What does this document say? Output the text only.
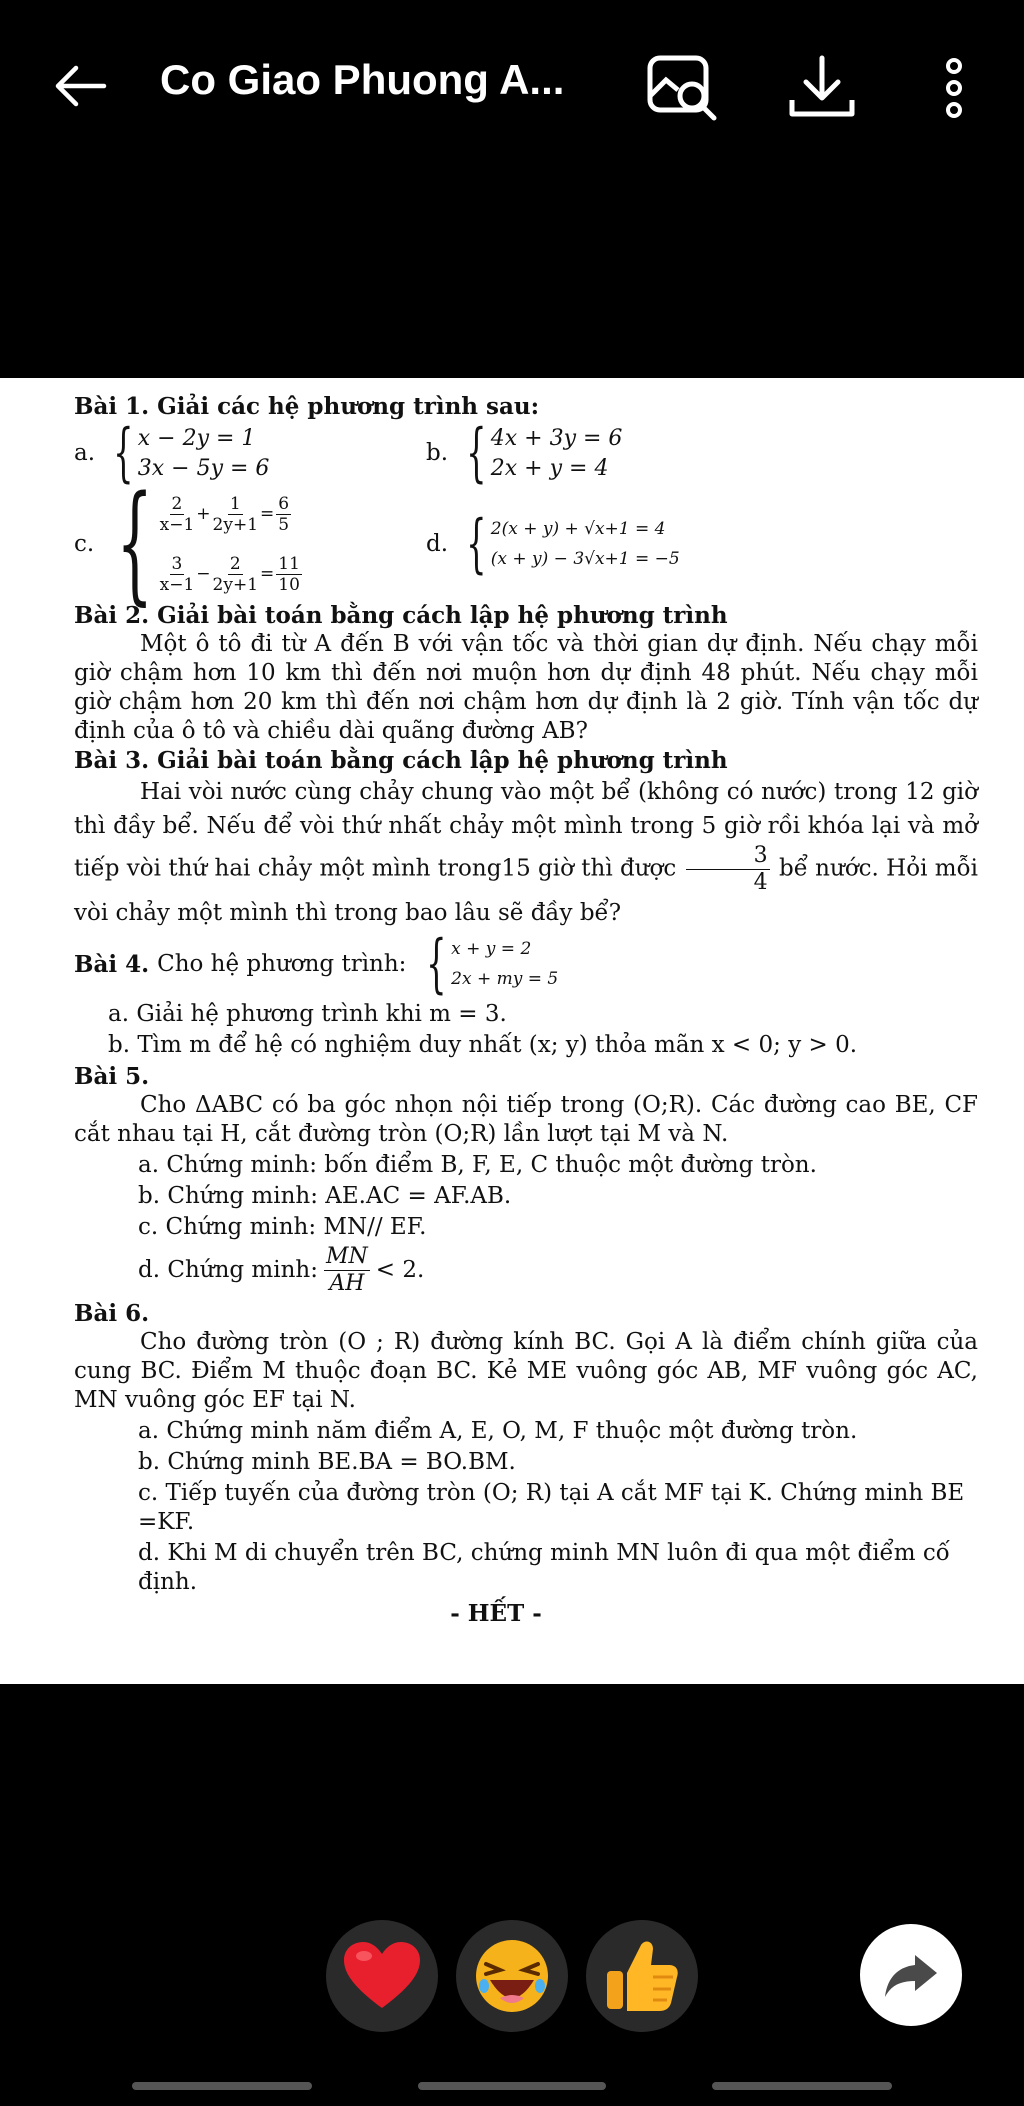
Co Giao Phuong A...
Bài 1. Giải các hệ phương trình sau:
a. { x − 2y = 1
3x − 5y = 6
b. { 4x + 3y = 6
2x + y = 4
c. { $\frac{2}{x-1} + \frac{1}{2y+1} = \frac{6}{5}$
$\frac{3}{x-1} - \frac{2}{2y+1} = \frac{11}{10}$
d. { 2(x + y) + √x+1 = 4
(x + y) − 3√x+1 = −5
Bài 2. Giải bài toán bằng cách lập hệ phương trình
Một ô tô đi từ A đến B với vận tốc và thời gian dự định. Nếu chạy mỗi giờ chậm hơn 10 km thì đến nơi muộn hơn dự định 48 phút. Nếu chạy mỗi giờ chậm hơn 20 km thì đến nơi chậm hơn dự định là 2 giờ. Tính vận tốc dự định của ô tô và chiều dài quãng đường AB?
Bài 3. Giải bài toán bằng cách lập hệ phương trình
Hai vòi nước cùng chảy chung vào một bể (không có nước) trong 12 giờ thì đầy bể. Nếu để vòi thứ nhất chảy một mình trong 5 giờ rồi khóa lại và mở tiếp vòi thứ hai chảy một mình trong15 giờ thì được $\frac{3}{4}$ bể nước. Hỏi mỗi vòi chảy một mình thì trong bao lâu sẽ đầy bể?
Bài 4. Cho hệ phương trình: { x + y = 2
2x + my = 5
a. Giải hệ phương trình khi m = 3.
b. Tìm m để hệ có nghiệm duy nhất (x; y) thỏa mãn x < 0; y > 0.
Bài 5.
Cho ΔABC có ba góc nhọn nội tiếp trong (O;R). Các đường cao BE, CF cắt nhau tại H, cắt đường tròn (O;R) lần lượt tại M và N.
a. Chứng minh: bốn điểm B, F, E, C thuộc một đường tròn.
b. Chứng minh: AE.AC = AF.AB.
c. Chứng minh: MN// EF.
d. Chứng minh: $\frac{MN}{AH} < 2$.
Bài 6.
Cho đường tròn (O ; R) đường kính BC. Gọi A là điểm chính giữa của cung BC. Điểm M thuộc đoạn BC. Kẻ ME vuông góc AB, MF vuông góc AC, MN vuông góc EF tại N.
a. Chứng minh năm điểm A, E, O, M, F thuộc một đường tròn.
b. Chứng minh BE.BA = BO.BM.
c. Tiếp tuyến của đường tròn (O; R) tại A cắt MF tại K. Chứng minh BE =KF.
d. Khi M di chuyển trên BC, chứng minh MN luôn đi qua một điểm cố định.
- HẾT -
